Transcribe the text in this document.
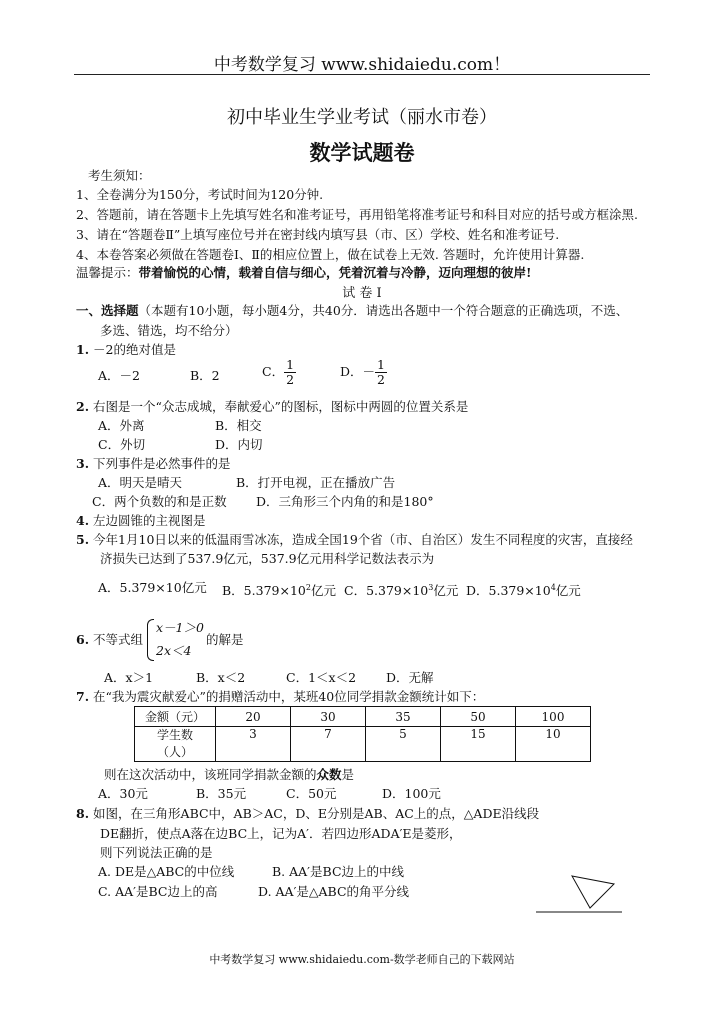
中考数学复习 www.shidaiedu.com！
初中毕业生学业考试（丽水市卷）
数学试题卷
考生须知：
1、全卷满分为150分，考试时间为120分钟.
2、答题前，请在答题卡上先填写姓名和准考证号，再用铅笔将准考证号和科目对应的括号或方框涂黑.
3、请在“答题卷Ⅱ”上填写座位号并在密封线内填写县（市、区）学校、姓名和准考证号.
4、本卷答案必须做在答题卷Ⅰ、Ⅱ的相应位置上，做在试卷上无效. 答题时，允许使用计算器.
温馨提示：带着愉悦的心情，载着自信与细心，凭着沉着与冷静，迈向理想的彼岸!
试 卷 Ⅰ
一、选择题（本题有10小题，每小题4分，共40分．请选出各题中一个符合题意的正确选项，不选、
多选、错选，均不给分）
1. －2的绝对值是
A．－2	B．2	C． $\frac{1}{2}$	D．－ $\frac{1}{2}$
2. 右图是一个“众志成城，奉献爱心”的图标，图标中两圆的位置关系是
A．外离	B．相交
C．外切	D．内切
3. 下列事件是必然事件的是
A．明天是晴天	B．打开电视，正在播放广告
C．两个负数的和是正数 D．三角形三个内角的和是180°
4. 左边圆锥的主视图是
5. 今年1月10日以来的低温雨雪冰冻，造成全国19个省（市、自治区）发生不同程度的灾害，直接经
济损失已达到了537.9亿元，537.9亿元用科学记数法表示为
A．5.379×10亿元 B．$5.379\times 10^2$亿元 C．$5.379\times 10^3$亿元 D．$5.379\times 10^4$亿元
6. 不等式组
x－1＞0
2x＜4
的解是
A．x＞1	B．x＜2	C．1＜x＜2 D．无解
7. 在“我为震灾献爱心”的捐赠活动中，某班40位同学捐款金额统计如下：
金额（元）	20	30	35	50	100
学生数
（人）	3	7	5	15	10
则在这次活动中，该班同学捐款金额的众数是
A．30元	B．35元	C．50元	D．100元
8. 如图，在三角形ABC中，AB＞AC，D、E分别是AB、AC上的点，△ADE沿线段
DE翻折，使点A落在边BC上，记为A′．若四边形ADA′E是菱形，
则下列说法正确的是
A. DE是△ABC的中位线	B. AA′是BC边上的中线
C. AA′是BC边上的高	D. AA′是△ABC的角平分线
中考数学复习 www.shidaiedu.com-数学老师自己的下载网站
